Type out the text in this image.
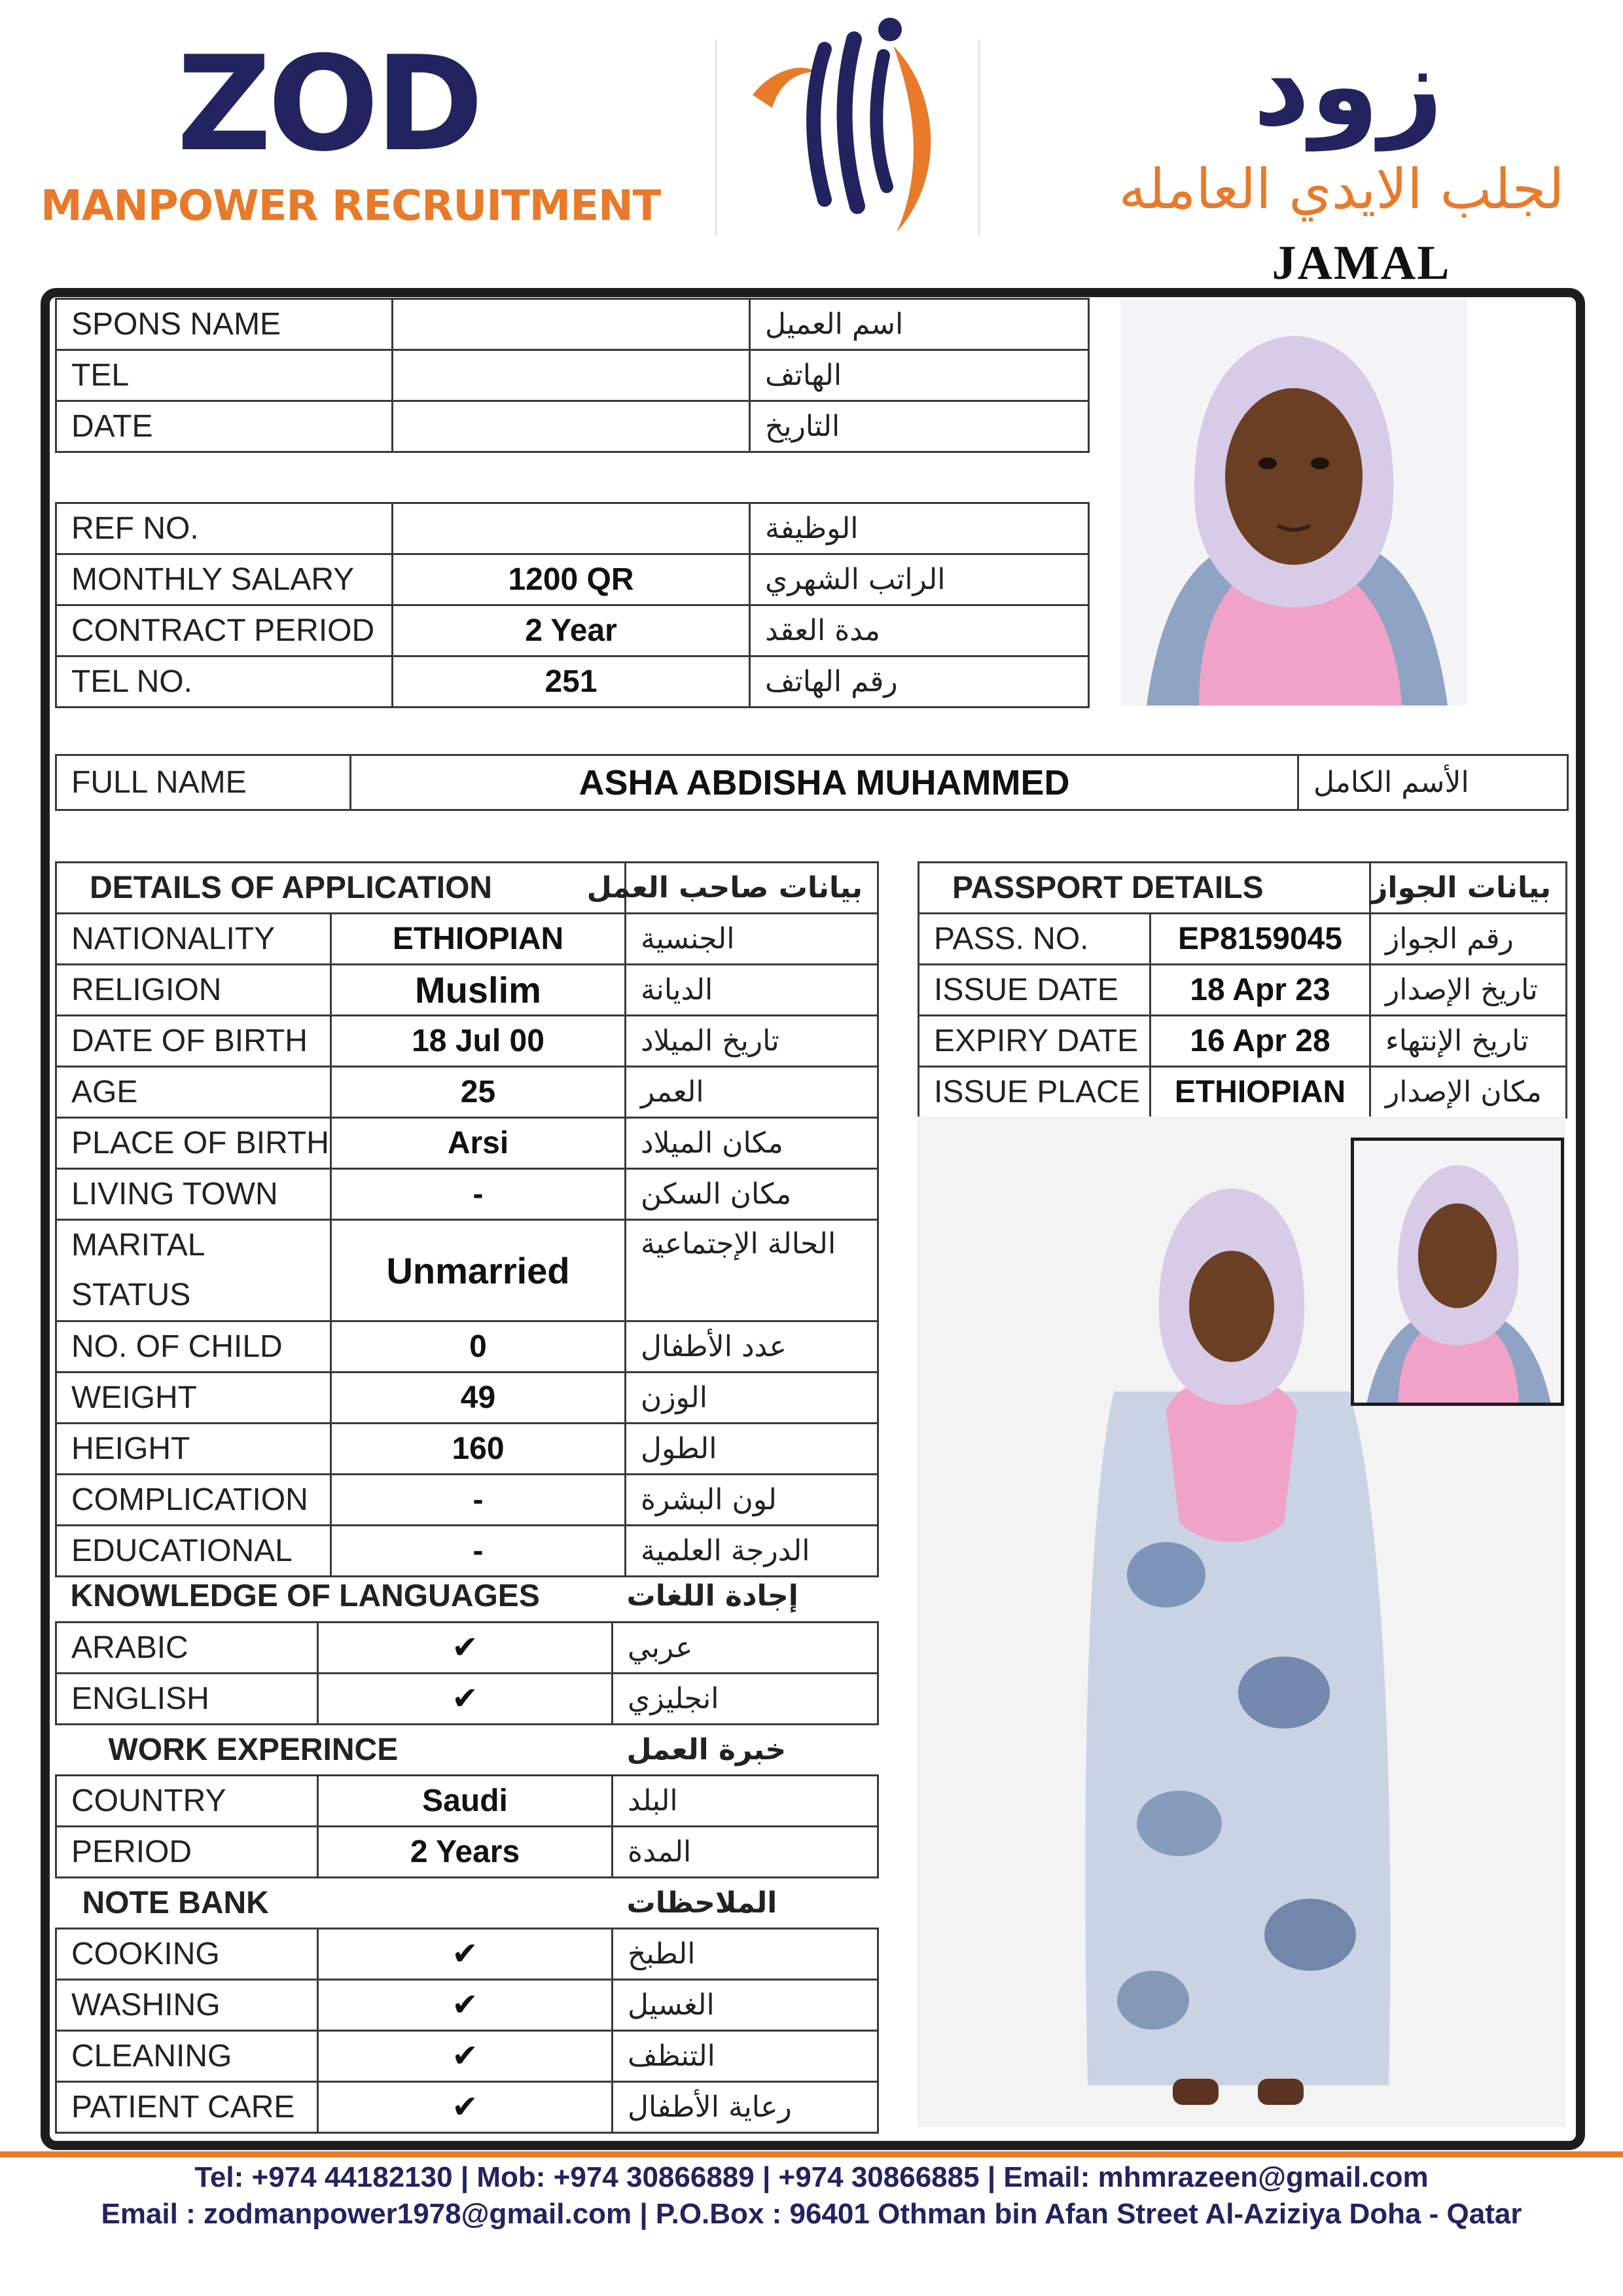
ZOD
MANPOWER RECRUITMENT
زود
لجلب الايدي العامله
JAMAL
SPONS NAME		اسم العميل
TEL		الهاتف
DATE		التاريخ
REF NO.		الوظيفة
MONTHLY SALARY	1200 QR	الراتب الشهري
CONTRACT PERIOD	2 Year	مدة العقد
TEL NO.	251	رقم الهاتف
FULL NAME	ASHA ABDISHA MUHAMMED	الأسم الكامل
DETAILS OF APPLICATION		بيانات صاحب العمل
NATIONALITY	ETHIOPIAN	الجنسية
RELIGION	Muslim	الديانة
DATE OF BIRTH	18 Jul 00	تاريخ الميلاد
AGE	25	العمر
PLACE OF BIRTH	Arsi	مكان الميلاد
LIVING TOWN	-	مكان السكن

MARITAL
STATUS	Unmarried	الحالة الإجتماعية
NO. OF CHILD	0	عدد الأطفال
WEIGHT	49	الوزن
HEIGHT	160	الطول
COMPLICATION	-	لون البشرة
EDUCATIONAL	-	الدرجة العلمية
KNOWLEDGE OF LANGUAGES		إجادة اللغات
ARABIC	✔	عربي
ENGLISH	✔	انجليزي
WORK EXPERINCE		خبرة العمل
COUNTRY	Saudi	البلد
PERIOD	2 Years	المدة
NOTE BANK		الملاحظات
COOKING	✔	الطبخ
WASHING	✔	الغسيل
CLEANING	✔	التنظف
PATIENT CARE	✔	رعاية الأطفال
PASSPORT DETAILS		بيانات الجواز
PASS. NO.	EP8159045	رقم الجواز
ISSUE DATE	18 Apr 23	تاريخ الإصدار
EXPIRY DATE	16 Apr 28	تاريخ الإنتهاء
ISSUE PLACE	ETHIOPIAN	مكان الإصدار
Tel: +974 44182130 | Mob: +974 30866889 | +974 30866885 | Email: mhmrazeen@gmail.com
Email : zodmanpower1978@gmail.com | P.O.Box : 96401 Othman bin Afan Street Al-Aziziya Doha - Qatar
